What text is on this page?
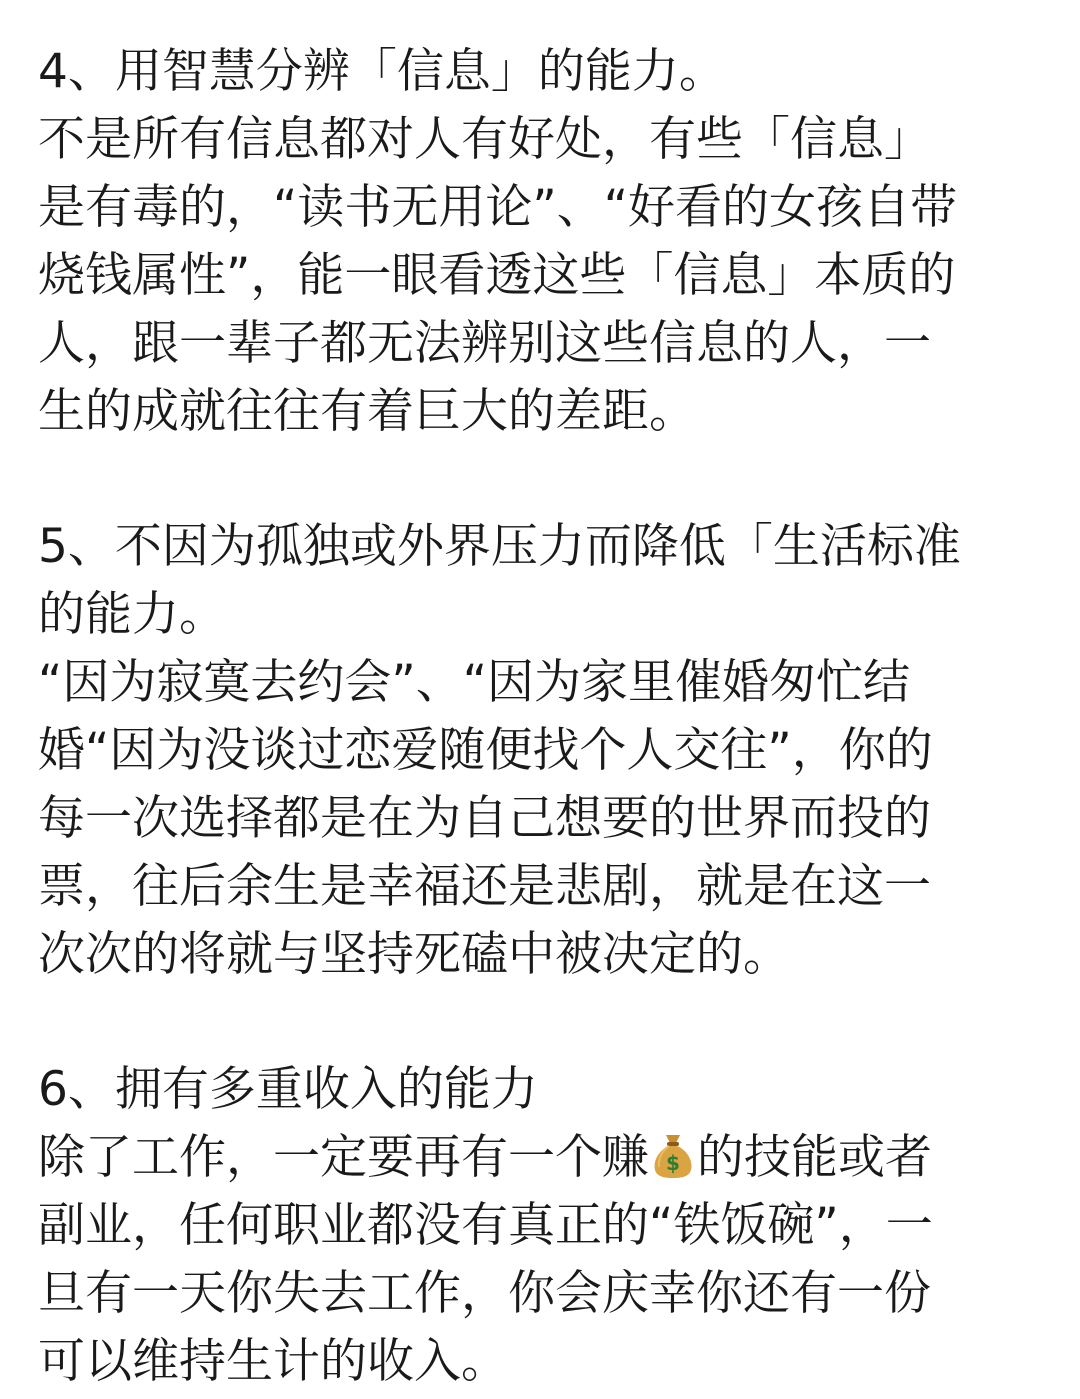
4、用智慧分辨「信息」的能力。
不是所有信息都对人有好处，有些「信息」
是有毒的，“读书无用论”、“好看的女孩自带
烧钱属性”，能一眼看透这些「信息」本质的
人，跟一辈子都无法辨别这些信息的人，一
生的成就往往有着巨大的差距。
5、不因为孤独或外界压力而降低「生活标准
的能力。
“因为寂寞去约会”、“因为家里催婚匆忙结
婚“因为没谈过恋爱随便找个人交往”，你的
每一次选择都是在为自己想要的世界而投的
票，往后余生是幸福还是悲剧，就是在这一
次次的将就与坚持死磕中被决定的。
6、拥有多重收入的能力
除了工作，一定要再有一个赚 $ 的技能或者
副业，任何职业都没有真正的“铁饭碗”，一
旦有一天你失去工作，你会庆幸你还有一份
可以维持生计的收入。
